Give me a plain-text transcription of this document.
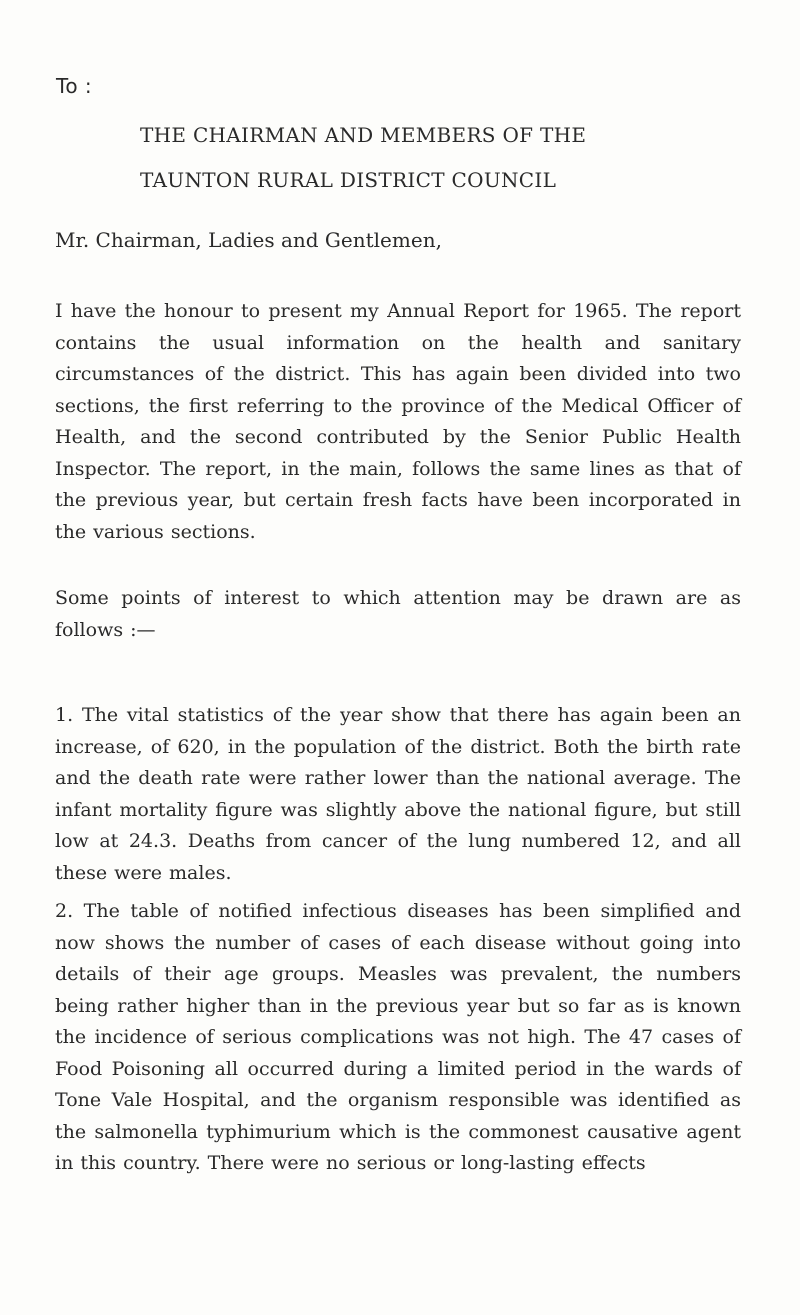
To :
THE CHAIRMAN AND MEMBERS OF THE
TAUNTON RURAL DISTRICT COUNCIL
Mr. Chairman, Ladies and Gentlemen,

I have the honour to present my Annual Report for 1965. The report contains the usual information on the health and sanitary circumstances of the district. This has again been divided into two sections, the first referring to the province of the Medical Officer of Health, and the second contributed by the Senior Public Health Inspector. The report, in the main, follows the same lines as that of the previous year, but certain fresh facts have been incorporated in the various sections.

Some points of interest to which attention may be drawn are as follows :—

1. The vital statistics of the year show that there has again been an increase, of 620, in the population of the district. Both the birth rate and the death rate were rather lower than the national average. The infant mortality figure was slightly above the national figure, but still low at 24.3. Deaths from cancer of the lung numbered 12, and all these were males.

2. The table of notified infectious diseases has been simplified and now shows the number of cases of each disease without going into details of their age groups. Measles was prevalent, the numbers being rather higher than in the previous year but so far as is known the incidence of serious complications was not high. The 47 cases of Food Poisoning all occurred during a limited period in the wards of Tone Vale Hospital, and the organism responsible was identified as the salmonella typhimurium which is the commonest causative agent in this country. There were no serious or long-lasting effects
